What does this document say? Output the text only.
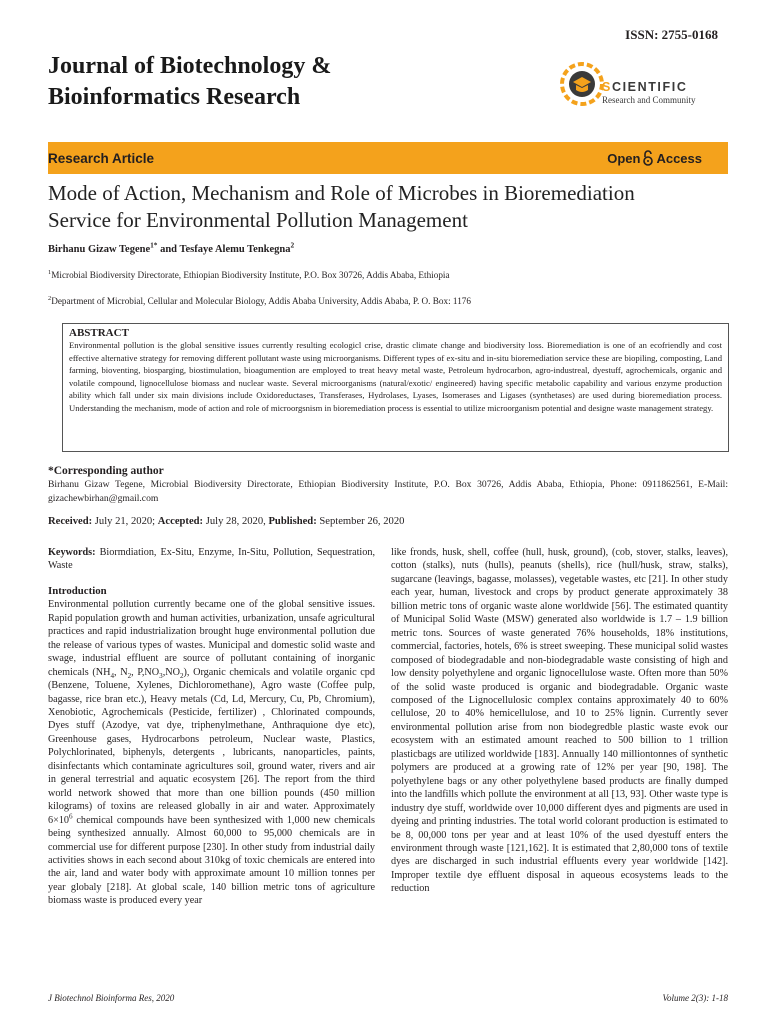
ISSN: 2755-0168
Journal of Biotechnology &
Bioinformatics Research	SCIENTIFIC
Research and Community
Research Article	Open Access
Mode of Action, Mechanism and Role of Microbes in Bioremediation
Service for Environmental Pollution Management
Birhanu Gizaw Tegene$^{1*}$ and Tesfaye Alemu Tenkegna$^2$
$^1$Microbial Biodiversity Directorate, Ethiopian Biodiversity Institute, P.O. Box 30726, Addis Ababa, Ethiopia
$^2$Department of Microbial, Cellular and Molecular Biology, Addis Ababa University, Addis Ababa, P. O. Box: 1176
ABSTRACT
Environmental pollution is the global sensitive issues currently resulting ecologicl crise, drastic climate change and biodiversity loss. Bioremediation is one of an ecofriendly and cost effective alternative strategy for removing different pollutant waste using microorganisms. Different types of ex-situ and in-situ bioremediation service these are biopiling, composting, Land farming, bioventing, biosparging, biostimulation, bioagumention are employed to treat heavy metal waste, Petroleum hydrocarbon, agro-industreal, dyestuff, agrochemicals, organic and volatile compound, lignocellulose biomass and nuclear waste. Several microorganisms (natural/exotic/ engineered) having specific metabolic capability and various enzyme production ability which fall under six main divisions include Oxidoreductases, Transferases, Hydrolases, Lyases, Isomerases and Ligases (synthetases) are used during bioremediation process. Understanding the mechanism, mode of action and role of microorgsnism in bioremediation process is essential to utilize microorganism potential and designe waste management strategy.
*Corresponding author
Birhanu Gizaw Tegene, Microbial Biodiversity Directorate, Ethiopian Biodiversity Institute, P.O. Box 30726, Addis Ababa, Ethiopia, Phone: 0911862561, E-Mail: gizachewbirhan@gmail.com
Received: July 21, 2020; Accepted: July 28, 2020, Published: September 26, 2020
Keywords: Biormdiation, Ex-Situ, Enzyme, In-Situ, Pollution, Sequestration, Waste
Introduction
Environmental pollution currently became one of the global sensitive issues. Rapid population growth and human activities, urbanization, unsafe agricultural practices and rapid industrialization brought huge environmental pollution due the release of various types of wastes. Municipal and domestic solid waste and swage, industrial effluent are source of pollutant containing of inorganic chemicals ($NH_4$, $N_2$, $P,NO_3,NO_2$), Organic chemicals and volatile organic cpd (Benzene, Toluene, Xylenes, Dichloromethane), Agro waste (Coffee pulp, bagasse, rice bran etc.), Heavy metals (Cd, Ld, Mercury, Cu, Pb, Chromium), Xenobiotic, Agrochemicals (Pesticide, fertilizer) , Chlorinated compounds, Dyes stuff (Azodye, vat dye, triphenylmethane, Anthraquione dye etc), Greenhouse gases, Hydrocarbons petroleum, Nuclear waste, Plastics, Polychlorinated, biphenyls, detergents , lubricants, nanoparticles, paints, disinfectants which contaminate agricultures soil, ground water, rivers and air in general terrestrial and aquatic ecosystem [26]. The report from the third world network showed that more than one billion pounds (450 million kilograms) of toxins are released globally in air and water. Approximately $6\times 10^6$ chemical compounds have been synthesized with 1,000 new chemicals being synthesized annually. Almost 60,000 to 95,000 chemicals are in commercial use for different purpose [230]. In other study from industrial daily activities shows in each second about 310kg of toxic chemicals are entered into the air, land and water body with approximate amount 10 million tonnes per year globaly [218]. At global scale, 140 billion metric tons of agriculture biomass waste is produced every year
like fronds, husk, shell, coffee (hull, husk, ground), (cob, stover, stalks, leaves), cotton (stalks), nuts (hulls), peanuts (shells), rice (hull/husk, straw, stalks), sugarcane (leavings, bagasse, molasses), vegetable wastes, etc [21]. In other study each year, human, livestock and crops by product generate approximately 38 billion metric tons of organic waste alone worldwide [56]. The estimated quantity of Municipal Solid Waste (MSW) generated also worldwide is 1.7 – 1.9 billion metric tons. Sources of waste generated 76% households, 18% institutions, commercial, factories, hotels, 6% is street sweeping. These municipal solid wastes composed of biodegradable and non-biodegradable waste consisting of high and low density polyethylene and organic lignocellulose waste. Often more than 50% of the solid waste produced is organic and biodegradable. Organic waste composed of the Lignocellulosic complex contains approximately 40 to 60% cellulose, 20 to 40% hemicellulose, and 10 to 25% lignin. Currently sever environmental pollution arise from non biodegredble plastic waste evok our ecosystem with an estimated amount reached to 500 billion to 1 trillion plasticbags are utilized worldwide [183]. Annually 140 milliontonnes of synthetic polymers are produced at a growing rate of 12% per year [90, 198]. The polyethylene bags or any other polyethylene based products are finally dumped into the landfills which pollute the environment at all [13, 93]. Other waste type is industry dye stuff, worldwide over 10,000 different dyes and pigments are used in dyeing and printing industries. The total world colorant production is estimated to be 8, 00,000 tons per year and at least 10% of the used dyestuff enters the environment through waste [121,162]. It is estimated that 2,80,000 tons of textile dyes are discharged in such industrial effluents every year worldwide [142]. Improper textile dye effluent disposal in aqueous ecosystems leads to the reduction
J Biotechnol Bioinforma Res, 2020	Volume 2(3): 1-18
